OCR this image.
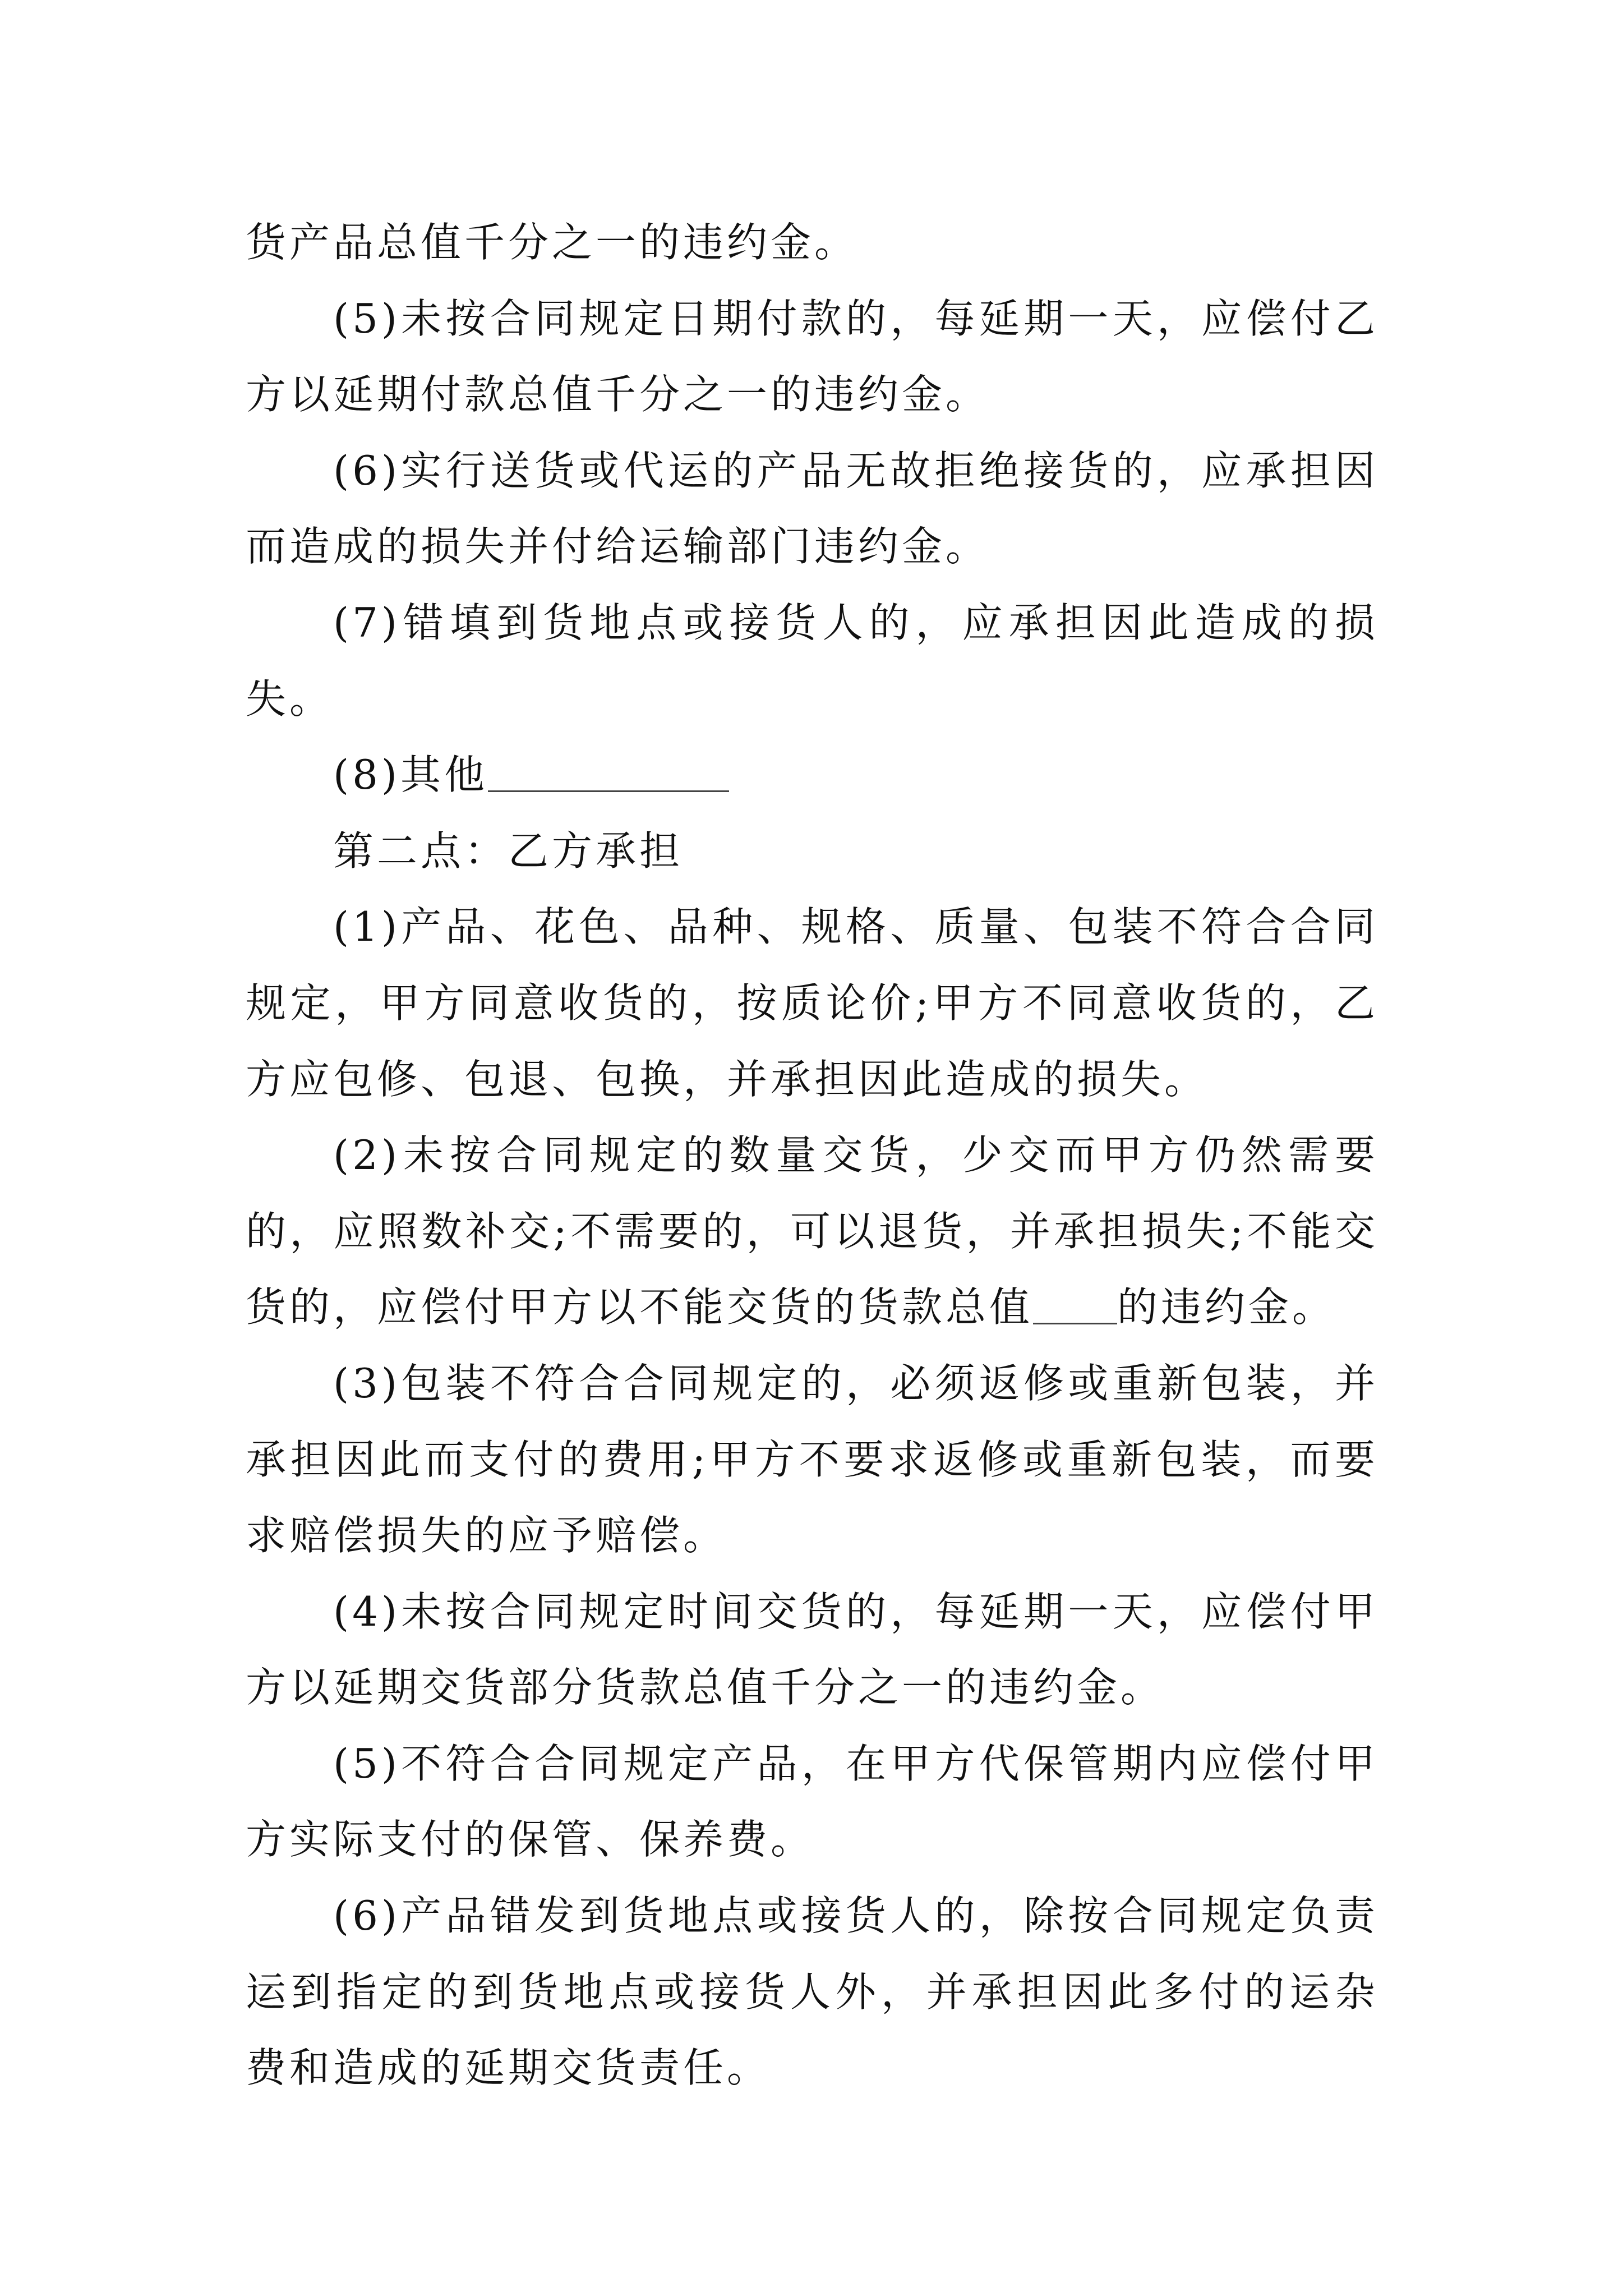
货产品总值千分之一的违约金。

(5)未按合同规定日期付款的，每延期一天，应偿付乙方以延期付款总值千分之一的违约金。

(6)实行送货或代运的产品无故拒绝接货的，应承担因而造成的损失并付给运输部门违约金。

(7)错填到货地点或接货人的，应承担因此造成的损失。

(8)其他

第二点：乙方承担

(1)产品、花色、品种、规格、质量、包装不符合合同规定，甲方同意收货的，按质论价;甲方不同意收货的，乙方应包修、包退、包换，并承担因此造成的损失。

(2)未按合同规定的数量交货，少交而甲方仍然需要的，应照数补交;不需要的，可以退货，并承担损失;不能交货的，应偿付甲方以不能交货的货款总值 的违约金。

(3)包装不符合合同规定的，必须返修或重新包装，并承担因此而支付的费用;甲方不要求返修或重新包装，而要求赔偿损失的应予赔偿。

(4)未按合同规定时间交货的，每延期一天，应偿付甲方以延期交货部分货款总值千分之一的违约金。

(5)不符合合同规定产品，在甲方代保管期内应偿付甲方实际支付的保管、保养费。

(6)产品错发到货地点或接货人的，除按合同规定负责运到指定的到货地点或接货人外，并承担因此多付的运杂费和造成的延期交货责任。
